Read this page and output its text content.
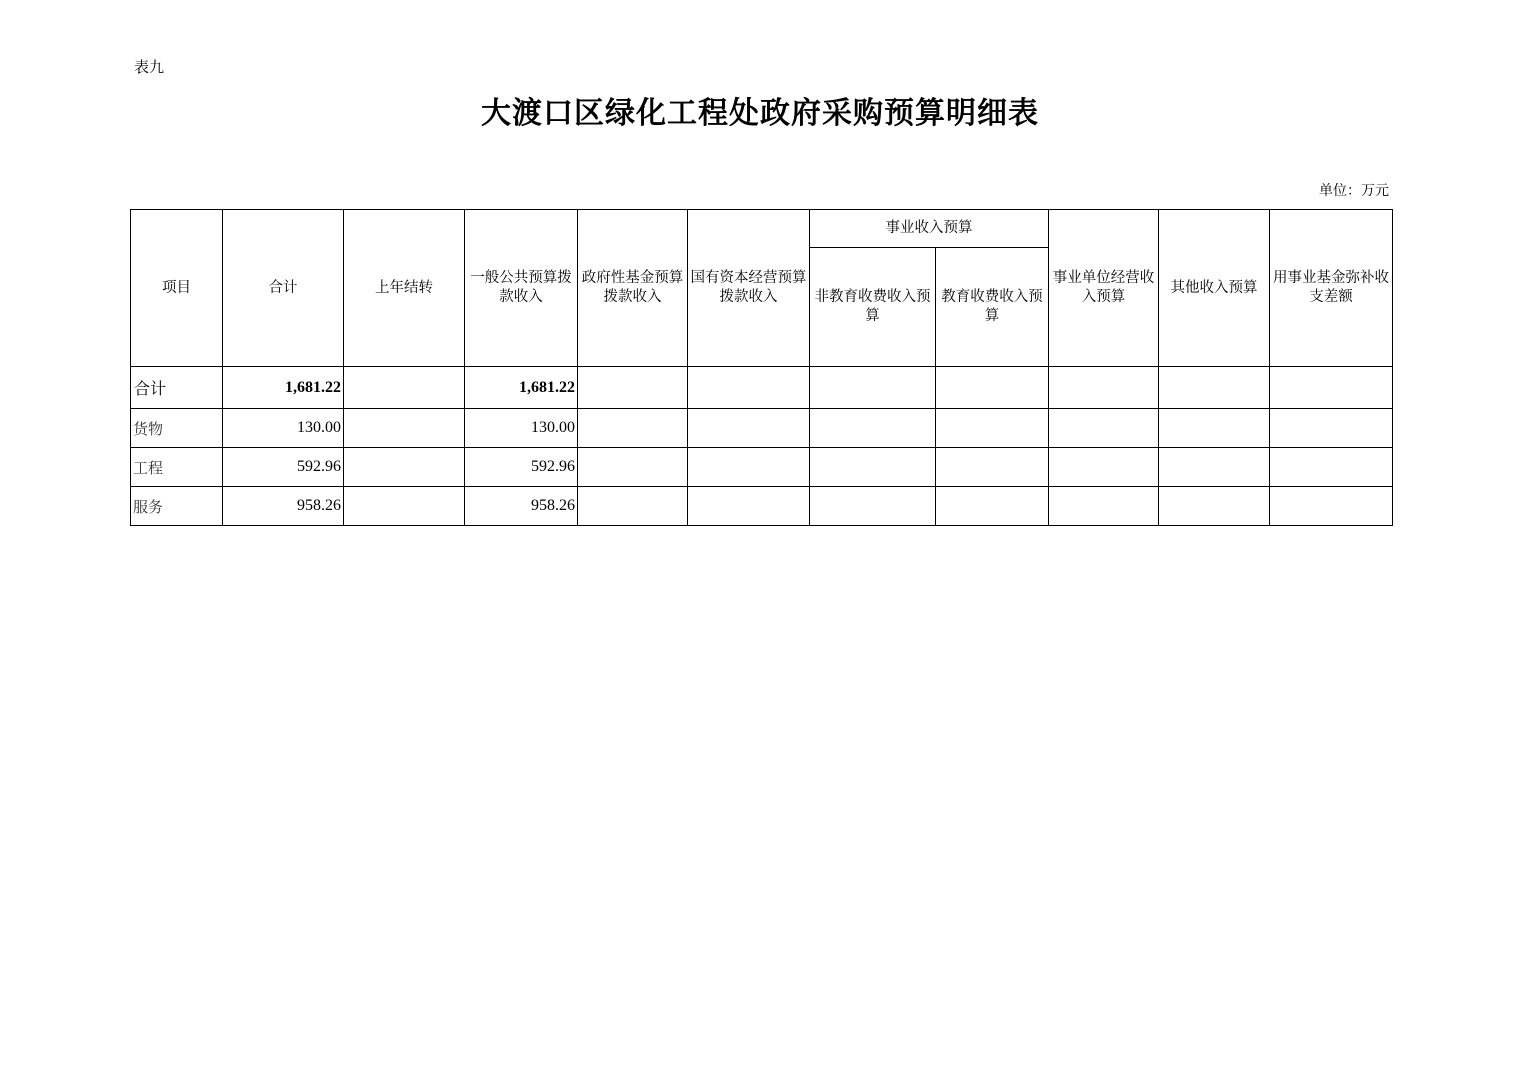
表九
大渡口区绿化工程处政府采购预算明细表
单位：万元
项目	合计	上年结转	一般公共预算拨款收入	政府性基金预算拨款收入	国有资本经营预算拨款收入	事业收入预算		事业单位经营收入预算	其他收入预算	用事业基金弥补收支差额
						非教育收费收入预算	教育收费收入预算			
合计	1,681.22		1,681.22							
货物	130.00		130.00							
工程	592.96		592.96							
服务	958.26		958.26							
